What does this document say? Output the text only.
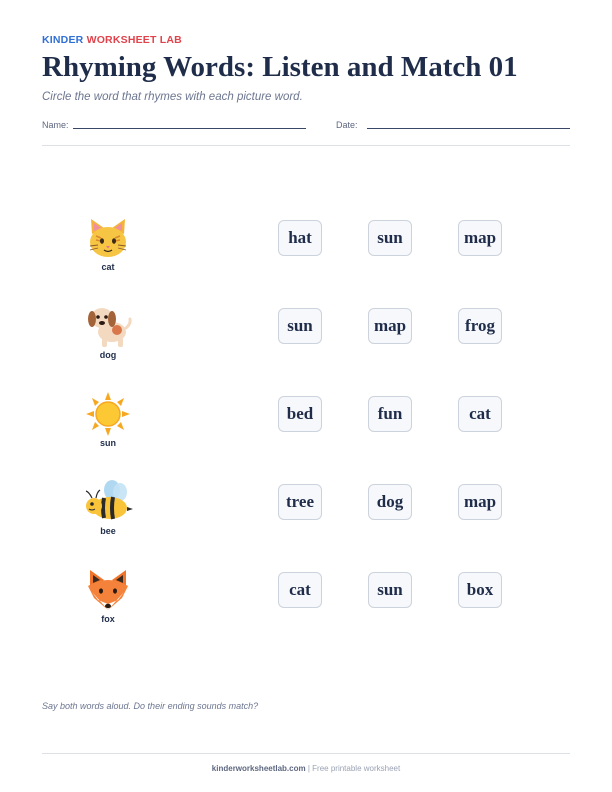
KINDER WORKSHEET LAB
Rhyming Words: Listen and Match 01
Circle the word that rhymes with each picture word.
Name:	Date:
cat
hat	sun	map
dog
sun	map	frog
sun
bed	fun	cat
bee
tree	dog	map
fox
cat	sun	box
Say both words aloud. Do their ending sounds match?
kinderworksheetlab.com | Free printable worksheet
